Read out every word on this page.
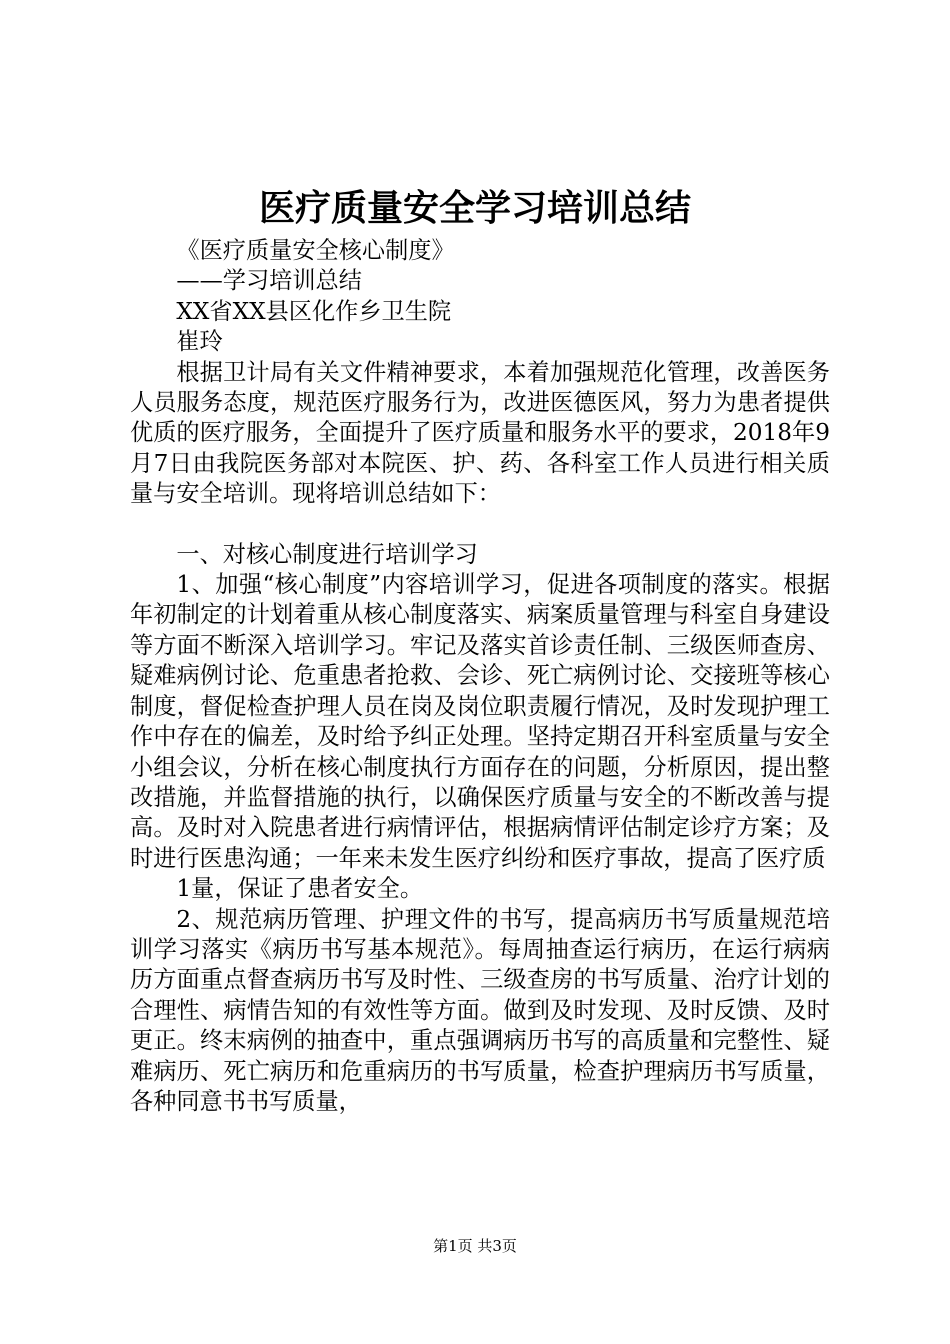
医疗质量安全学习培训总结

《医疗质量安全核心制度》

——学习培训总结

XX省XX县区化作乡卫生院

崔玲

根据卫计局有关文件精神要求，本着加强规范化管理，改善医务人员服务态度，规范医疗服务行为，改进医德医风，努力为患者提供优质的医疗服务，全面提升了医疗质量和服务水平的要求，2018年9月7日由我院医务部对本院医、护、药、各科室工作人员进行相关质量与安全培训。现将培训总结如下：

一、对核心制度进行培训学习

1、加强“核心制度”内容培训学习，促进各项制度的落实。根据年初制定的计划着重从核心制度落实、病案质量管理与科室自身建设等方面不断深入培训学习。牢记及落实首诊责任制、三级医师查房、疑难病例讨论、危重患者抢救、会诊、死亡病例讨论、交接班等核心制度，督促检查护理人员在岗及岗位职责履行情况，及时发现护理工作中存在的偏差，及时给予纠正处理。坚持定期召开科室质量与安全小组会议，分析在核心制度执行方面存在的问题，分析原因，提出整改措施，并监督措施的执行，以确保医疗质量与安全的不断改善与提高。及时对入院患者进行病情评估，根据病情评估制定诊疗方案；及时进行医患沟通；一年来未发生医疗纠纷和医疗事故，提高了医疗质

1量，保证了患者安全。

2、规范病历管理、护理文件的书写，提高病历书写质量规范培训学习落实《病历书写基本规范》。每周抽查运行病历，在运行病病历方面重点督查病历书写及时性、三级查房的书写质量、治疗计划的合理性、病情告知的有效性等方面。做到及时发现、及时反馈、及时更正。终末病例的抽查中，重点强调病历书写的高质量和完整性、疑难病历、死亡病历和危重病历的书写质量，检查护理病历书写质量，各种同意书书写质量，

第1页 共3页
